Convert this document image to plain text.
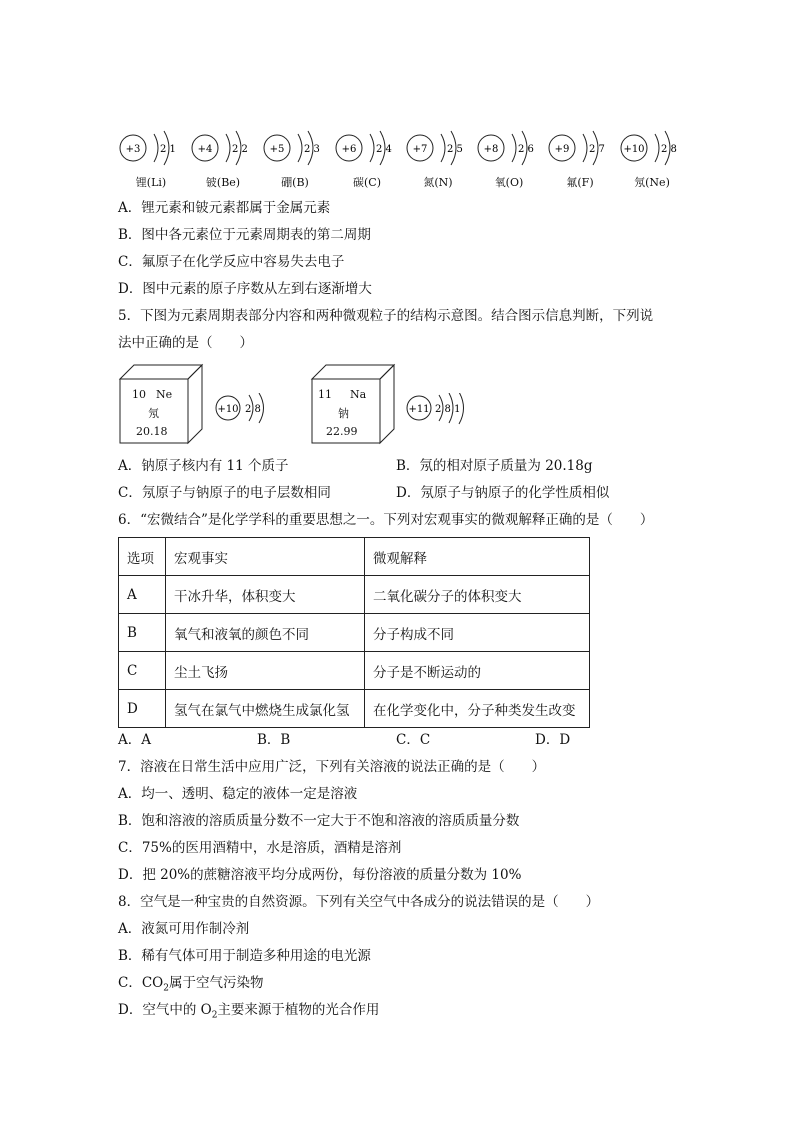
+3 2 1
锂(Li)
+4 2 2
铍(Be)
+5 2 3
硼(B)
+6 2 4
碳(C)
+7 2 5
氮(N)
+8 2 6
氧(O)
+9 2 7
氟(F)
+10 2 8
氖(Ne)
A．锂元素和铍元素都属于金属元素
B．图中各元素位于元素周期表的第二周期
C．氟原子在化学反应中容易失去电子
D．图中元素的原子序数从左到右逐渐增大
5．下图为元素周期表部分内容和两种微观粒子的结构示意图。结合图示信息判断，下列说
法中正确的是（　　）
10 Ne
氖
20.18
+10 2 8
11 Na
钠
22.99
+11 2 8 1
A．钠原子核内有 11 个质子	B．氖的相对原子质量为 20.18g
C．氖原子与钠原子的电子层数相同	D．氖原子与钠原子的化学性质相似
6．“宏微结合”是化学学科的重要思想之一。下列对宏观事实的微观解释正确的是（　　）
选项	宏观事实	微观解释
A	干冰升华，体积变大	二氧化碳分子的体积变大
B	氧气和液氧的颜色不同	分子构成不同
C	尘土飞扬	分子是不断运动的
D	氢气在氯气中燃烧生成氯化氢	在化学变化中，分子种类发生改变
A．A	B．B	C．C	D．D
7．溶液在日常生活中应用广泛，下列有关溶液的说法正确的是（　　）
A．均一、透明、稳定的液体一定是溶液
B．饱和溶液的溶质质量分数不一定大于不饱和溶液的溶质质量分数
C．75%的医用酒精中，水是溶质，酒精是溶剂
D．把 20%的蔗糖溶液平均分成两份，每份溶液的质量分数为 10%
8．空气是一种宝贵的自然资源。下列有关空气中各成分的说法错误的是（　　）
A．液氮可用作制冷剂
B．稀有气体可用于制造多种用途的电光源
C．$CO_2$属于空气污染物
D．空气中的 $O_2$主要来源于植物的光合作用
